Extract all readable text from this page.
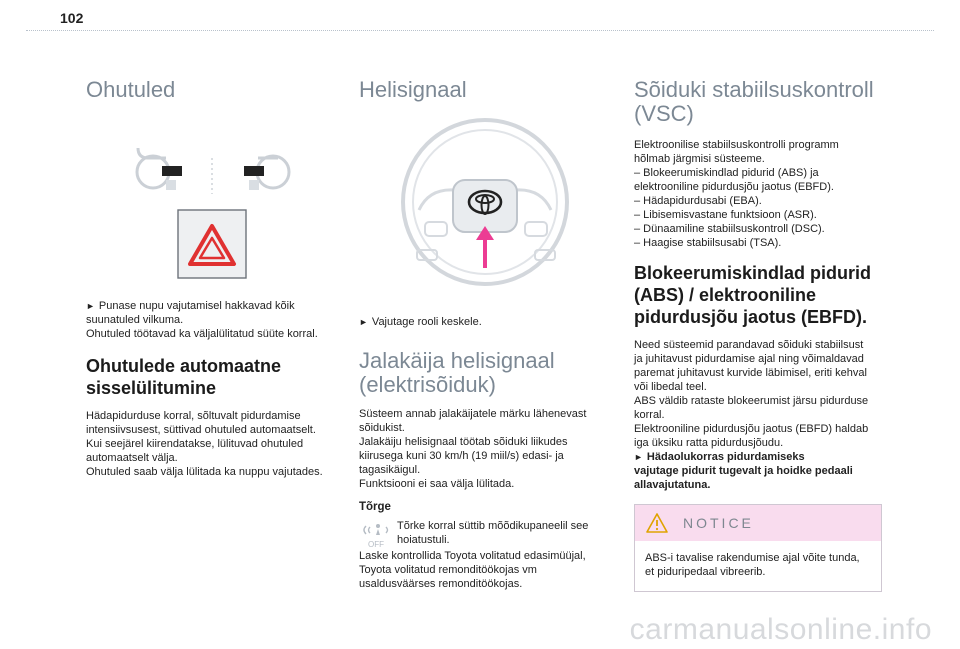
102
Ohutuled

► Punase nupu vajutamisel hakkavad kõik
suunatuled vilkuma.
Ohutuled töötavad ka väljalülitatud süüte korral.

Ohutulede automaatne
sisselülitumine

Hädapidurduse korral, sõltuvalt pidurdamise
intensiivsusest, süttivad ohutuled automaatselt.
Kui seejärel kiirendatakse, lülituvad ohutuled
automaatselt välja.
Ohutuled saab välja lülitada ka nuppu vajutades.

Helisignaal

► Vajutage rooli keskele.

Jalakäija helisignaal
(elektrisõiduk)

Süsteem annab jalakäijatele märku lähenevast
sõidukist.
Jalakäiju helisignaal töötab sõiduki liikudes
kiirusega kuni 30 km/h (19 miil/s) edasi- ja
tagasikäigul.
Funktsiooni ei saa välja lülitada.

Tõrge
OFF

Tõrke korral süttib mõõdikupaneelil see
hoiatustuli.

Laske kontrollida Toyota volitatud edasimüüjal,
Toyota volitatud remonditöökojas vm
usaldusväärses remonditöökojas.

Sõiduki stabiilsuskontroll
(VSC)

Elektroonilise stabiilsuskontrolli programm
hõlmab järgmisi süsteeme.

– Blokeerumiskindlad pidurid (ABS) ja
elektrooniline pidurdusjõu jaotus (EBFD).
– Hädapidurdusabi (EBA).
– Libisemisvastane funktsioon (ASR).
– Dünaamiline stabiilsuskontroll (DSC).
– Haagise stabiilsusabi (TSA).

Blokeerumiskindlad pidurid
(ABS) / elektrooniline
pidurdusjõu jaotus (EBFD).

Need süsteemid parandavad sõiduki stabiilsust
ja juhitavust pidurdamise ajal ning võimaldavad
paremat juhitavust kurvide läbimisel, eriti kehval
või libedal teel.
ABS väldib rataste blokeerumist järsu pidurduse
korral.
Elektrooniline pidurdusjõu jaotus (EBFD) haldab
iga üksiku ratta pidurdusjõudu.

► Hädaolukorras pidurdamiseks
vajutage pidurit tugevalt ja hoidke pedaali
allavajutatuna.

NOTICE
ABS-i tavalise rakendumise ajal võite tunda,
et piduripedaal vibreerib.
carmanualsonline.info
